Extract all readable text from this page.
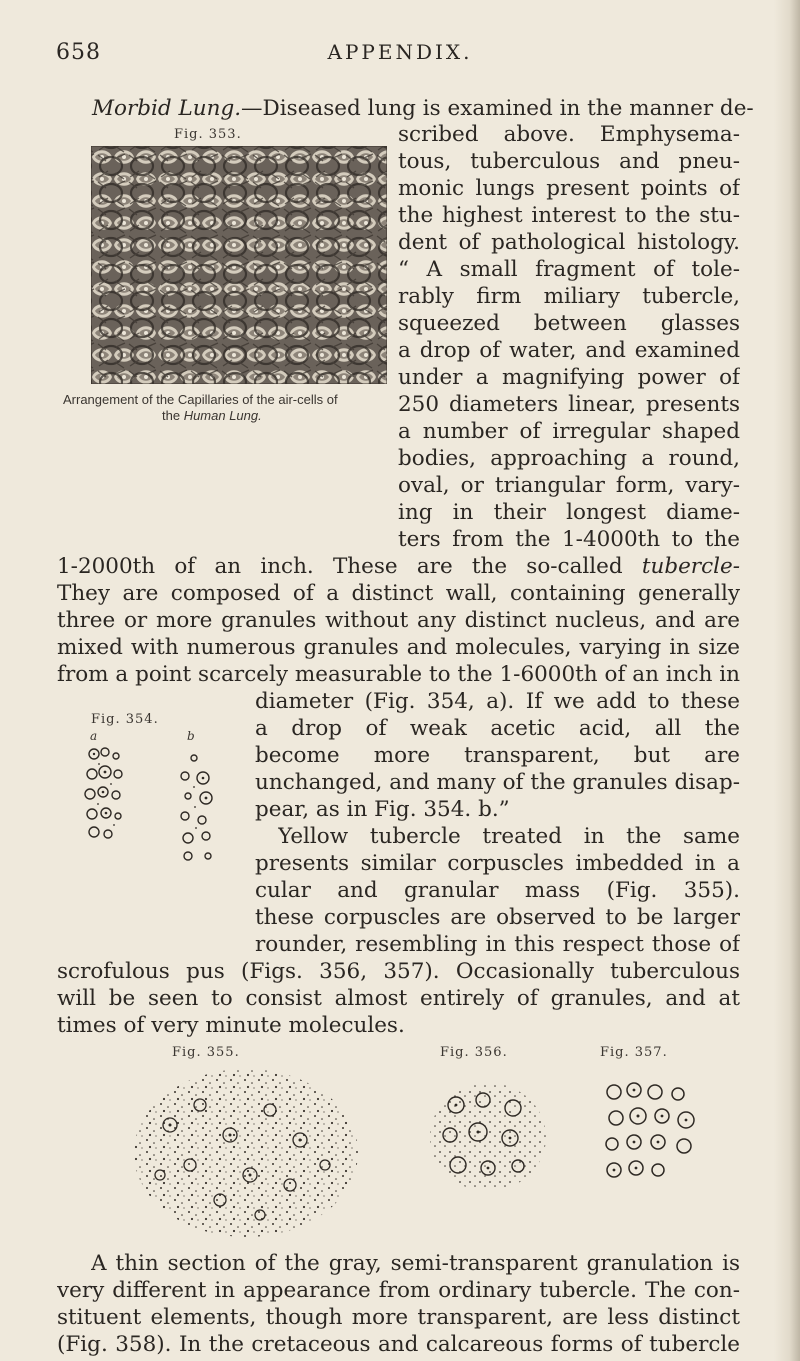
658	APPENDIX.
Morbid Lung.—Diseased lung is examined in the manner de-
Fig. 353.
Arrangement of the Capillaries of the air-cells of
the Human Lung.
scribed above. Emphysema-
tous, tuberculous and pneu-
monic lungs present points of
the highest interest to the stu-
dent of pathological histology.
“ A small fragment of tole-
rably firm miliary tubercle,
squeezed between glasses
a drop of water, and examined
under a magnifying power of
250 diameters linear, presents
a number of irregular shaped
bodies, approaching a round,
oval, or triangular form, vary-
ing in their longest diame-
ters from the 1-4000th to the
1-2000th of an inch. These are the so-called tubercle-
They are composed of a distinct wall, containing generally
three or more granules without any distinct nucleus, and are
mixed with numerous granules and molecules, varying in size
from a point scarcely measurable to the 1-6000th of an inch in
Fig. 354.
a	b
diameter (Fig. 354, a). If we add to these
a drop of weak acetic acid, all the
become more transparent, but are
unchanged, and many of the granules disap-
pear, as in Fig. 354. b.”
Yellow tubercle treated in the same
presents similar corpuscles imbedded in a
cular and granular mass (Fig. 355).
these corpuscles are observed to be larger
rounder, resembling in this respect those of
scrofulous pus (Figs. 356, 357). Occasionally tuberculous
will be seen to consist almost entirely of granules, and at
times of very minute molecules.
Fig. 355.	Fig. 356.	Fig. 357.
A thin section of the gray, semi-transparent granulation is
very different in appearance from ordinary tubercle. The con-
stituent elements, though more transparent, are less distinct
(Fig. 358). In the cretaceous and calcareous forms of tubercle
